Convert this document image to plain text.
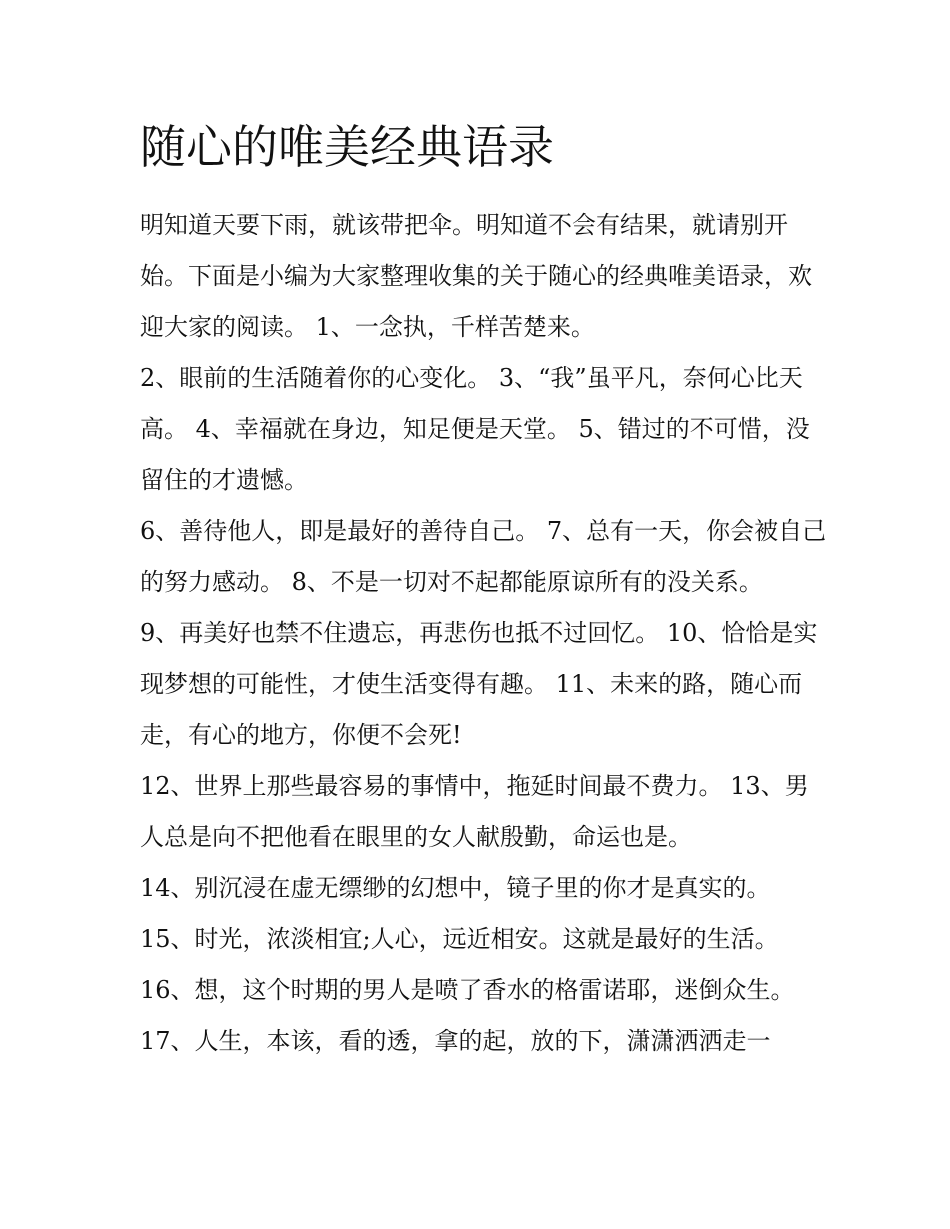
随心的唯美经典语录

明知道天要下雨，就该带把伞。明知道不会有结果，就请别开始。下面是小编为大家整理收集的关于随心的经典唯美语录，欢迎大家的阅读。 1、一念执，千样苦楚来。

2、眼前的生活随着你的心变化。 3、“我”虽平凡，奈何心比天高。 4、幸福就在身边，知足便是天堂。 5、错过的不可惜，没留住的才遗憾。

6、善待他人，即是最好的善待自己。 7、总有一天，你会被自己的努力感动。 8、不是一切对不起都能原谅所有的没关系。

9、再美好也禁不住遗忘，再悲伤也抵不过回忆。 10、恰恰是实现梦想的可能性，才使生活变得有趣。 11、未来的路，随心而走，有心的地方，你便不会死!

12、世界上那些最容易的事情中，拖延时间最不费力。 13、男人总是向不把他看在眼里的女人献殷勤，命运也是。

14、别沉浸在虚无缥缈的幻想中，镜子里的你才是真实的。

15、时光，浓淡相宜;人心，远近相安。这就是最好的生活。

16、想，这个时期的男人是喷了香水的格雷诺耶，迷倒众生。

17、人生，本该，看的透，拿的起，放的下，潇潇洒洒走一
